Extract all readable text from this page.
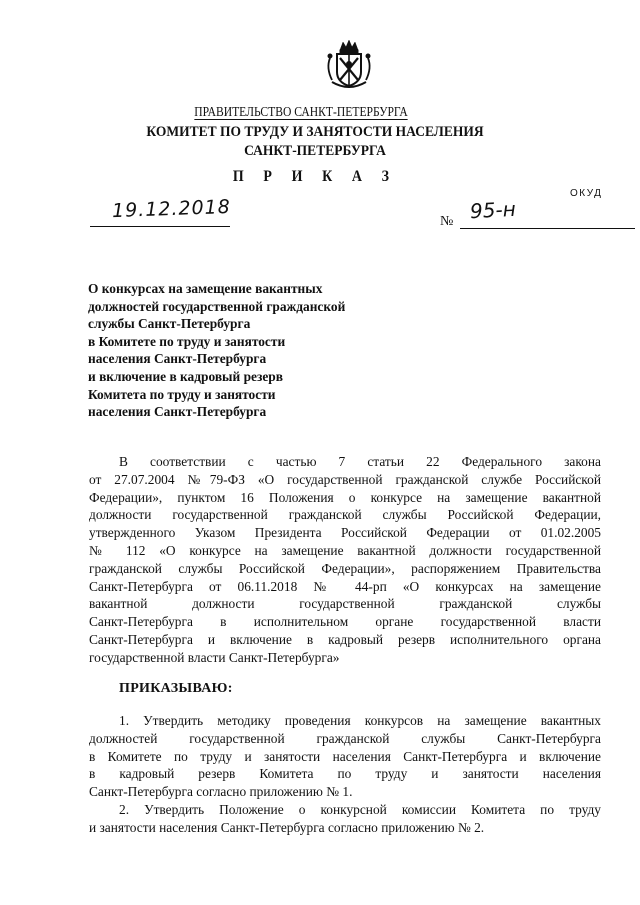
ПРАВИТЕЛЬСТВО САНКТ-ПЕТЕРБУРГА
КОМИТЕТ ПО ТРУДУ И ЗАНЯТОСТИ НАСЕЛЕНИЯ
САНКТ-ПЕТЕРБУРГА
П Р И К А З
ОКУД
19.12.2018	№ 95-н
О конкурсах на замещение вакантных
должностей государственной гражданской
службы Санкт-Петербурга
в Комитете по труду и занятости
населения Санкт-Петербурга
и включение в кадровый резерв
Комитета по труду и занятости
населения Санкт-Петербурга
В соответствии с частью 7 статьи 22 Федерального закона
от 27.07.2004 №79-ФЗ «О государственной гражданской службе Российской
Федерации», пунктом 16 Положения о конкурсе на замещение вакантной
должности государственной гражданской службы Российской Федерации,
утвержденного Указом Президента Российской Федерации от 01.02.2005
№ 112 «О конкурсе на замещение вакантной должности государственной
гражданской службы Российской Федерации», распоряжением Правительства
Санкт-Петербурга от 06.11.2018 № 44-рп «О конкурсах на замещение
вакантной должности государственной гражданской службы
Санкт-Петербурга в исполнительном органе государственной власти
Санкт-Петербурга и включение в кадровый резерв исполнительного органа
государственной власти Санкт-Петербурга»
ПРИКАЗЫВАЮ:
1. Утвердить методику проведения конкурсов на замещение вакантных
должностей государственной гражданской службы Санкт-Петербурга
в Комитете по труду и занятости населения Санкт-Петербурга и включение
в кадровый резерв Комитета по труду и занятости населения
Санкт-Петербурга согласно приложению № 1.
2. Утвердить Положение о конкурсной комиссии Комитета по труду
и занятости населения Санкт-Петербурга согласно приложению № 2.
